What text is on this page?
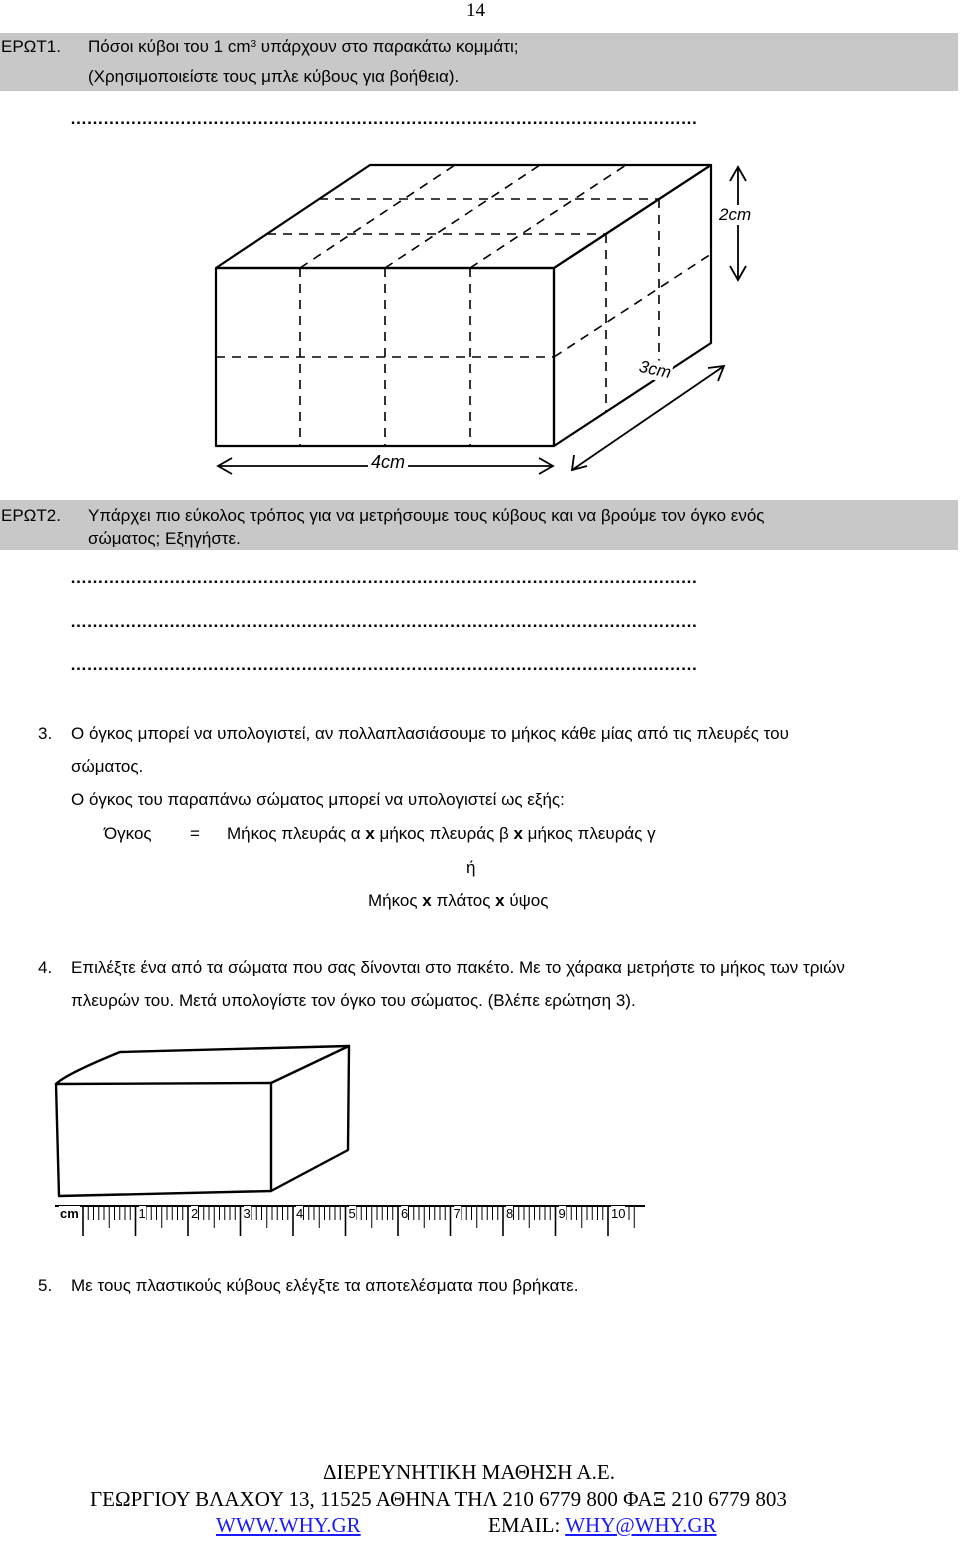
14
ΕΡΩΤ1. Πόσοι κύβοι του 1 $cm^3$ υπάρχουν στο παρακάτω κομμάτι;
(Χρησιμοποιείστε τους μπλε κύβους για βοήθεια).
……………………………………………………………………………………………………
4cm
2cm
3cm
ΕΡΩΤ2. Υπάρχει πιο εύκολος τρόπος για να μετρήσουμε τους κύβους και να βρούμε τον όγκο ενός
σώματος; Εξηγήστε.
……………………………………………………………………………………………………
……………………………………………………………………………………………………
……………………………………………………………………………………………………
3. Ο όγκος μπορεί να υπολογιστεί, αν πολλαπλασιάσουμε το μήκος κάθε μίας από τις πλευρές του
σώματος.
Ο όγκος του παραπάνω σώματος μπορεί να υπολογιστεί ως εξής:
Όγκος = Μήκος πλευράς α x μήκος πλευράς β x μήκος πλευράς γ
ή
Μήκος x πλάτος x ύψος
4. Επιλέξτε ένα από τα σώματα που σας δίνονται στο πακέτο. Με το χάρακα μετρήστε το μήκος των τριών
πλευρών του. Μετά υπολογίστε τον όγκο του σώματος. (Βλέπε ερώτηση 3).
cm	1	2	3	4	5	6	7	8	9	10
5. Με τους πλαστικούς κύβους ελέγξτε τα αποτελέσματα που βρήκατε.
ΔΙΕΡΕΥΝΗΤΙΚΗ ΜΑΘΗΣΗ Α.Ε.
ΓΕΩΡΓΙΟΥ ΒΛΑΧΟΥ 13, 11525 ΑΘΗΝΑ ΤΗΛ 210 6779 800 ΦΑΞ 210 6779 803
WWW.WHY.GR	EMAIL: WHY@WHY.GR
